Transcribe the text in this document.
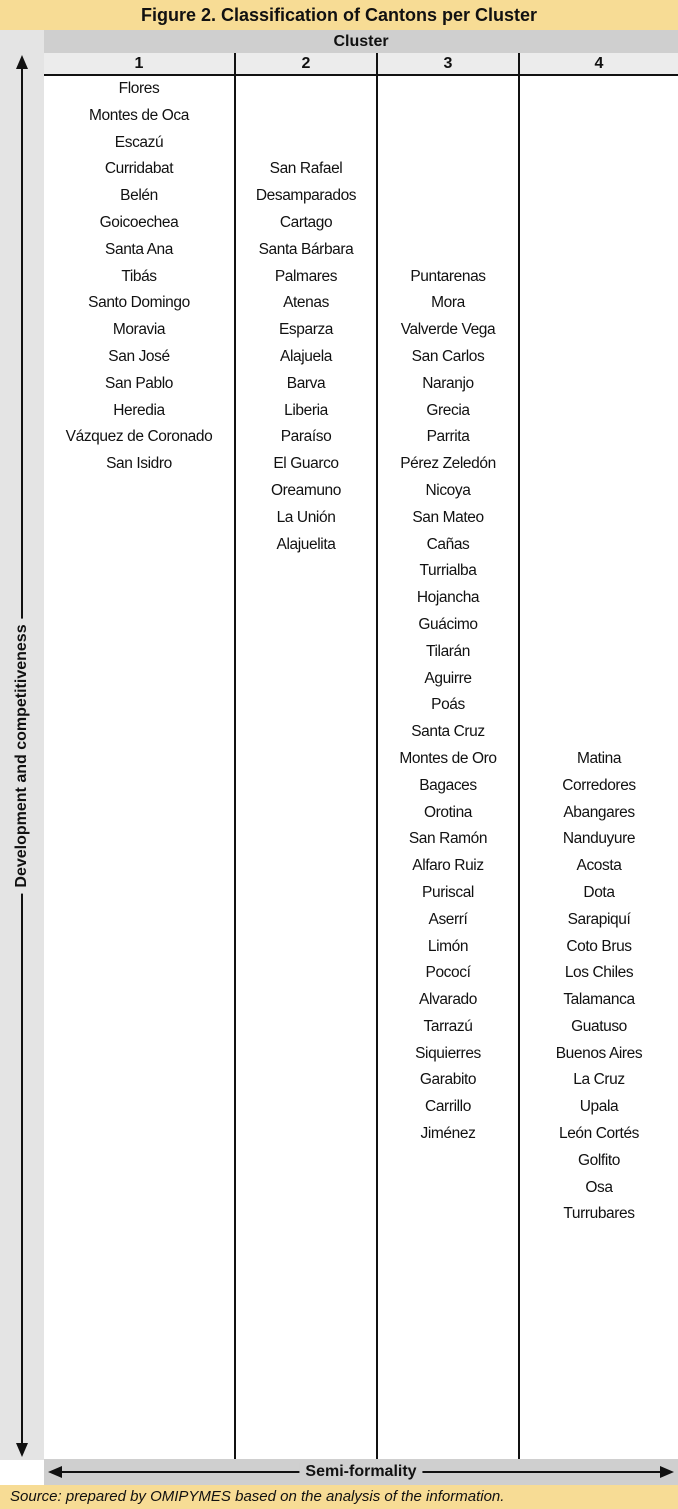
Figure 2. Classification of Cantons per Cluster
Cluster
1
Flores
Montes de Oca
Escazú
Curridabat
Belén
Goicoechea
Santa Ana
Tibás
Santo Domingo
Moravia
San José
San Pablo
Heredia
Vázquez de Coronado
San Isidro
2
San Rafael
Desamparados
Cartago
Santa Bárbara
Palmares
Atenas
Esparza
Alajuela
Barva
Liberia
Paraíso
El Guarco
Oreamuno
La Unión
Alajuelita
3
Puntarenas
Mora
Valverde Vega
San Carlos
Naranjo
Grecia
Parrita
Pérez Zeledón
Nicoya
San Mateo
Cañas
Turrialba
Hojancha
Guácimo
Tilarán
Aguirre
Poás
Santa Cruz
Montes de Oro
Bagaces
Orotina
San Ramón
Alfaro Ruiz
Puriscal
Aserrí
Limón
Pococí
Alvarado
Tarrazú
Siquierres
Garabito
Carrillo
Jiménez
4
Matina
Corredores
Abangares
Nanduyure
Acosta
Dota
Sarapiquí
Coto Brus
Los Chiles
Talamanca
Guatuso
Buenos Aires
La Cruz
Upala
León Cortés
Golfito
Osa
Turrubares
Development and competitiveness
Semi-formality
Source: prepared by OMIPYMES based on the analysis of the information.
